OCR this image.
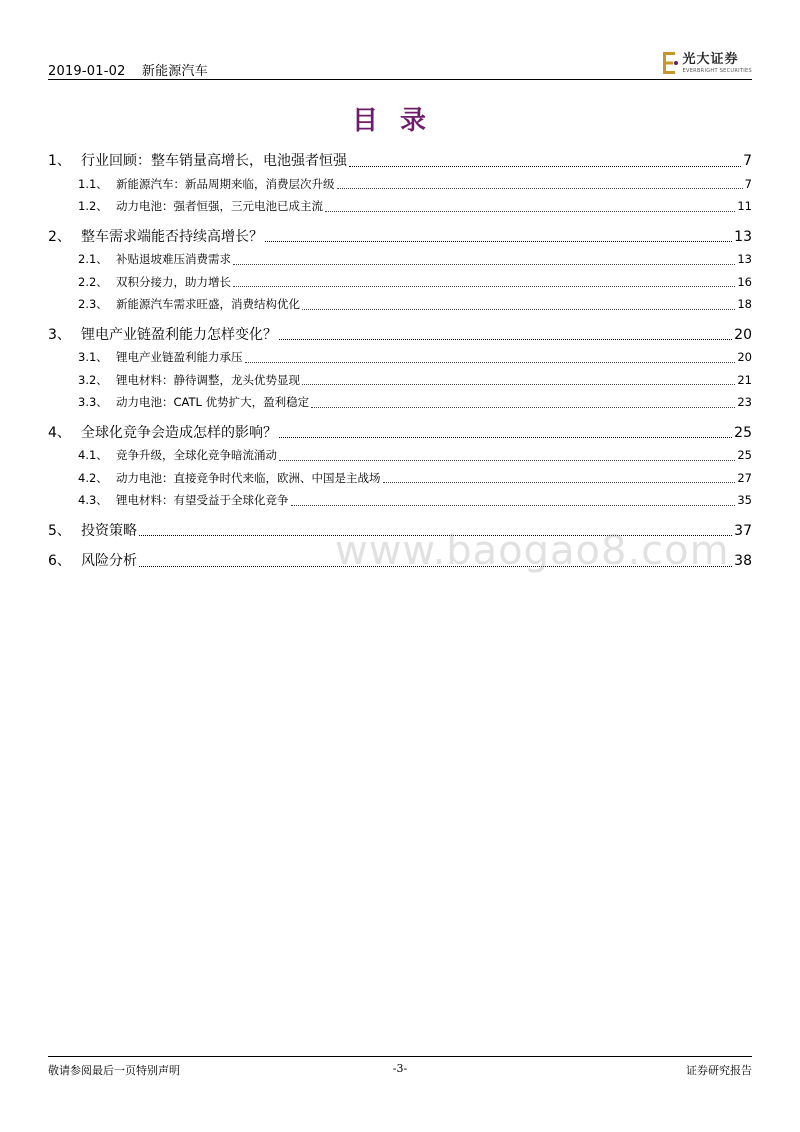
2019-01-02 新能源汽车
光大证券
EVERBRIGHT SECURITIES
目录
1、 行业回顾：整车销量高增长，电池强者恒强	7
1.1、 新能源汽车：新品周期来临，消费层次升级	7
1.2、 动力电池：强者恒强，三元电池已成主流	11
2、 整车需求端能否持续高增长？	13
2.1、 补贴退坡难压消费需求	13
2.2、 双积分接力，助力增长	16
2.3、 新能源汽车需求旺盛，消费结构优化	18
3、 锂电产业链盈利能力怎样变化？	20
3.1、 锂电产业链盈利能力承压	20
3.2、 锂电材料：静待调整，龙头优势显现	21
3.3、 动力电池：CATL 优势扩大，盈利稳定	23
4、 全球化竞争会造成怎样的影响？	25
4.1、 竞争升级，全球化竞争暗流涌动	25
4.2、 动力电池：直接竞争时代来临，欧洲、中国是主战场	27
4.3、 锂电材料：有望受益于全球化竞争	35
5、 投资策略	37
6、 风险分析	38
www.baogao8.com
敬请参阅最后一页特别声明	-3-	证券研究报告
